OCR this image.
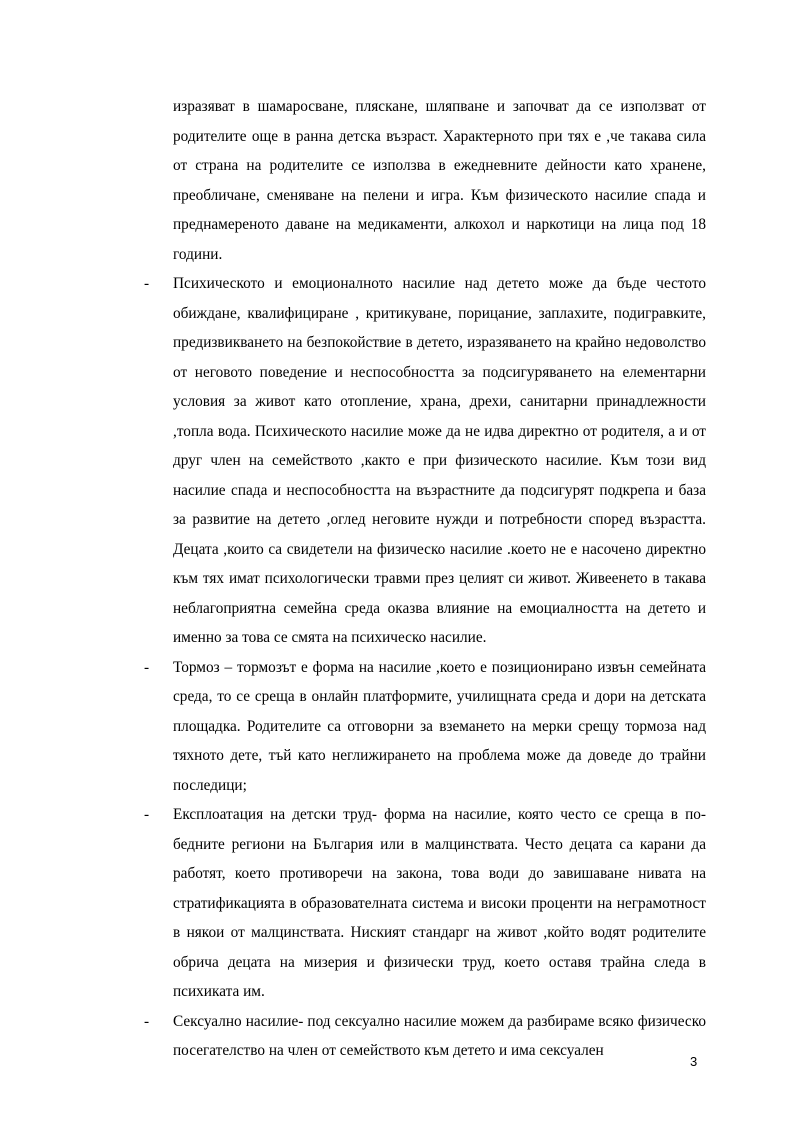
изразяват в шамаросване, пляскане, шляпване и започват да се използват от родителите още в ранна детска възраст. Характерното при тях е ,че такава сила от страна на родителите се използва в ежедневните дейности като хранене, преобличане, сменяване на пелени и игра. Към физическото насилие спада и преднамереното даване на медикаменти, алкохол и наркотици на лица под 18 години.

- Психическото и емоционалното насилие над детето може да бъде честото обиждане, квалифициране , критикуване, порицание, заплахите, подигравките, предизвикването на безпокойствие в детето, изразяването на крайно недоволство от неговото поведение и неспособността за подсигуряването на елементарни условия за живот като отопление, храна, дрехи, санитарни принадлежности ,топла вода. Психическото насилие може да не идва директно от родителя, а и от друг член на семейството ,както е при физическото насилие. Към този вид насилие спада и неспособността на възрастните да подсигурят подкрепа и база за развитие на детето ,оглед неговите нужди и потребности според възрастта. Децата ,които са свидетели на физическо насилие .което не е насочено директно към тях имат психологически травми през целият си живот. Живеенето в такава неблагоприятна семейна среда оказва влияние на емоциалността на детето и именно за това се смята на психическо насилие.
- Тормоз – тормозът е форма на насилие ,което е позиционирано извън семейната среда, то се среща в онлайн платформите, училищната среда и дори на детската площадка. Родителите са отговорни за вземането на мерки срещу тормоза над тяхното дете, тъй като неглижирането на проблема може да доведе до трайни последици;
- Експлоатация на детски труд- форма на насилие, която често се среща в по-бедните региони на България или в малцинствата. Често децата са карани да работят, което противоречи на закона, това води до завишаване нивата на стратификацията в образователната система и високи проценти на неграмотност в някои от малцинствата. Ниският стандарг на живот ,който водят родителите обрича децата на мизерия и физически труд, което оставя трайна следа в психиката им.
- Сексуално насилие- под сексуално насилие можем да разбираме всяко физическо посегателство на член от семейството към детето и има сексуален
3
